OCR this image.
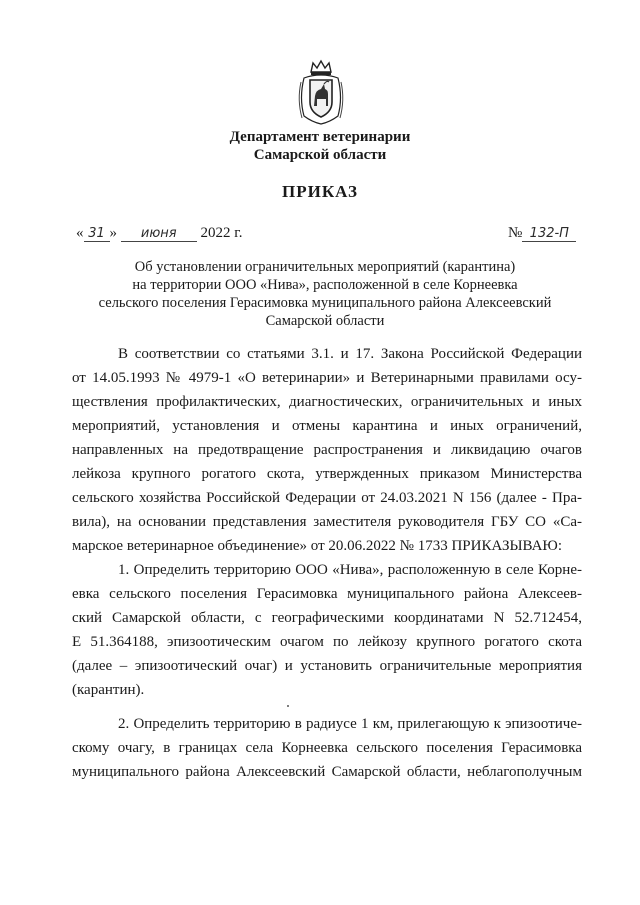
Департамент ветеринарии
Самарской области
ПРИКАЗ
« 31 » июня 2022 г.	№ 132-П
Об установлении ограничительных мероприятий (карантина)
на территории ООО «Нива», расположенной в селе Корнеевка
сельского поселения Герасимовка муниципального района Алексеевский
Самарской области

В соответствии со статьями 3.1. и 17. Закона Российской Федерации
от 14.05.1993 № 4979-1 «О ветеринарии» и Ветеринарными правилами осу-
ществления профилактических, диагностических, ограничительных и иных
мероприятий, установления и отмены карантина и иных ограничений,
направленных на предотвращение распространения и ликвидацию очагов
лейкоза крупного рогатого скота, утвержденных приказом Министерства
сельского хозяйства Российской Федерации от 24.03.2021 N 156 (далее - Пра-
вила), на основании представления заместителя руководителя ГБУ СО «Са-
марское ветеринарное объединение» от 20.06.2022 № 1733 ПРИКАЗЫВАЮ:

1. Определить территорию ООО «Нива», расположенную в селе Корне-
евка сельского поселения Герасимовка муниципального района Алексеев-
ский Самарской области, с географическими координатами N 52.712454,
E 51.364188, эпизоотическим очагом по лейкозу крупного рогатого скота
(далее – эпизоотический очаг) и установить ограничительные мероприятия
(карантин).

2. Определить территорию в радиусе 1 км, прилегающую к эпизоотиче-
скому очагу, в границах села Корнеевка сельского поселения Герасимовка
муниципального района Алексеевский Самарской области, неблагополучным
